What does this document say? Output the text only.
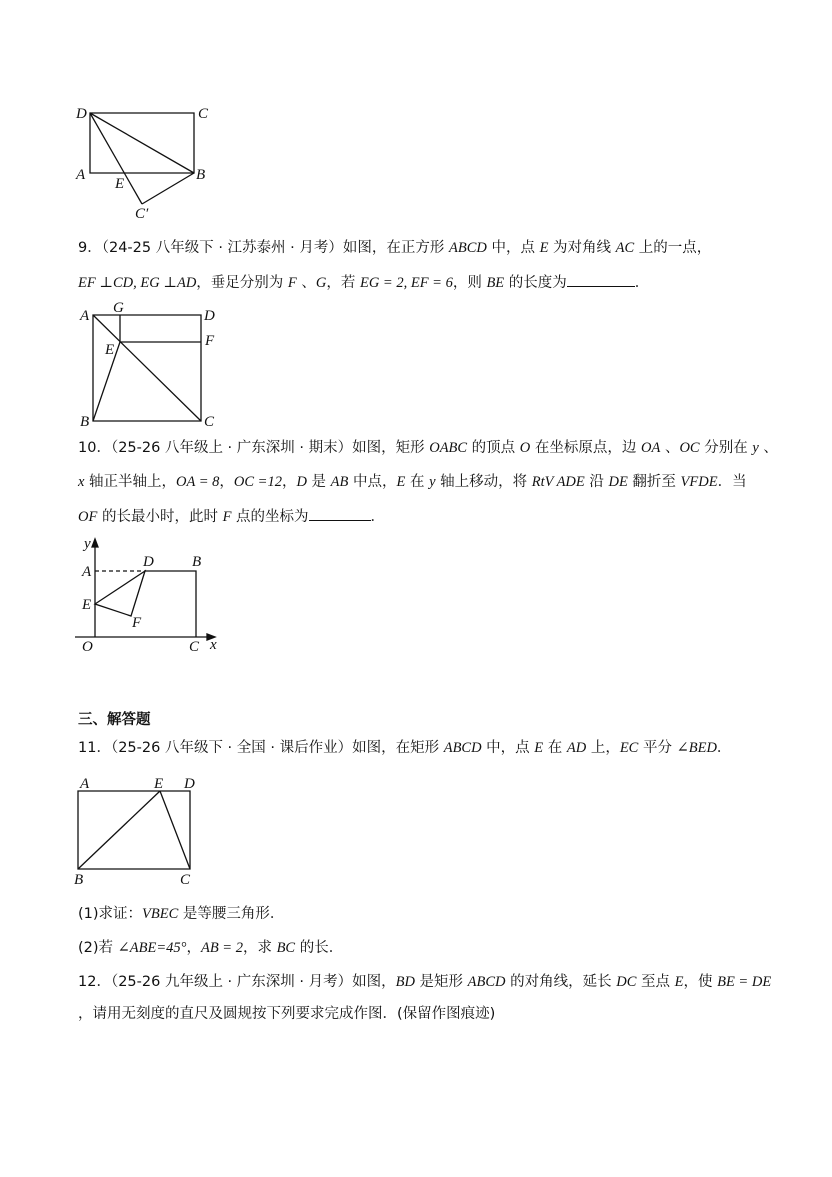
D	C
A
E
B
C′
9．（24-25 八年级下 · 江苏泰州 · 月考）如图，在正方形 ABCD 中，点 E 为对角线 AC 上的一点，
EF ⊥CD, EG ⊥AD，垂足分别为 F 、G，若 EG = 2, EF = 6，则 BE 的长度为	．
A G	D
E
F
B	C
10．（25-26 八年级上 · 广东深圳 · 期末）如图，矩形 OABC 的顶点 O 在坐标原点，边 OA 、OC 分别在 y 、
x 轴正半轴上，OA = 8，OC =12，D 是 AB 中点，E 在 y 轴上移动，将 RtV ADE 沿 DE 翻折至 VFDE．当
OF 的长最小时，此时 F 点的坐标为	．
y
D	B
A
E
F
O	C x
三、解答题
11．（25-26 八年级下 · 全国 · 课后作业）如图，在矩形 ABCD 中，点 E 在 AD 上，EC 平分 ∠BED．
A	E D
B	C
(1)求证：VBEC 是等腰三角形．
(2)若 ∠ABE=45°，AB = 2，求 BC 的长．
12．（25-26 九年级上 · 广东深圳 · 月考）如图，BD 是矩形 ABCD 的对角线，延长 DC 至点 E，使 BE = DE
，请用无刻度的直尺及圆规按下列要求完成作图．(保留作图痕迹)
